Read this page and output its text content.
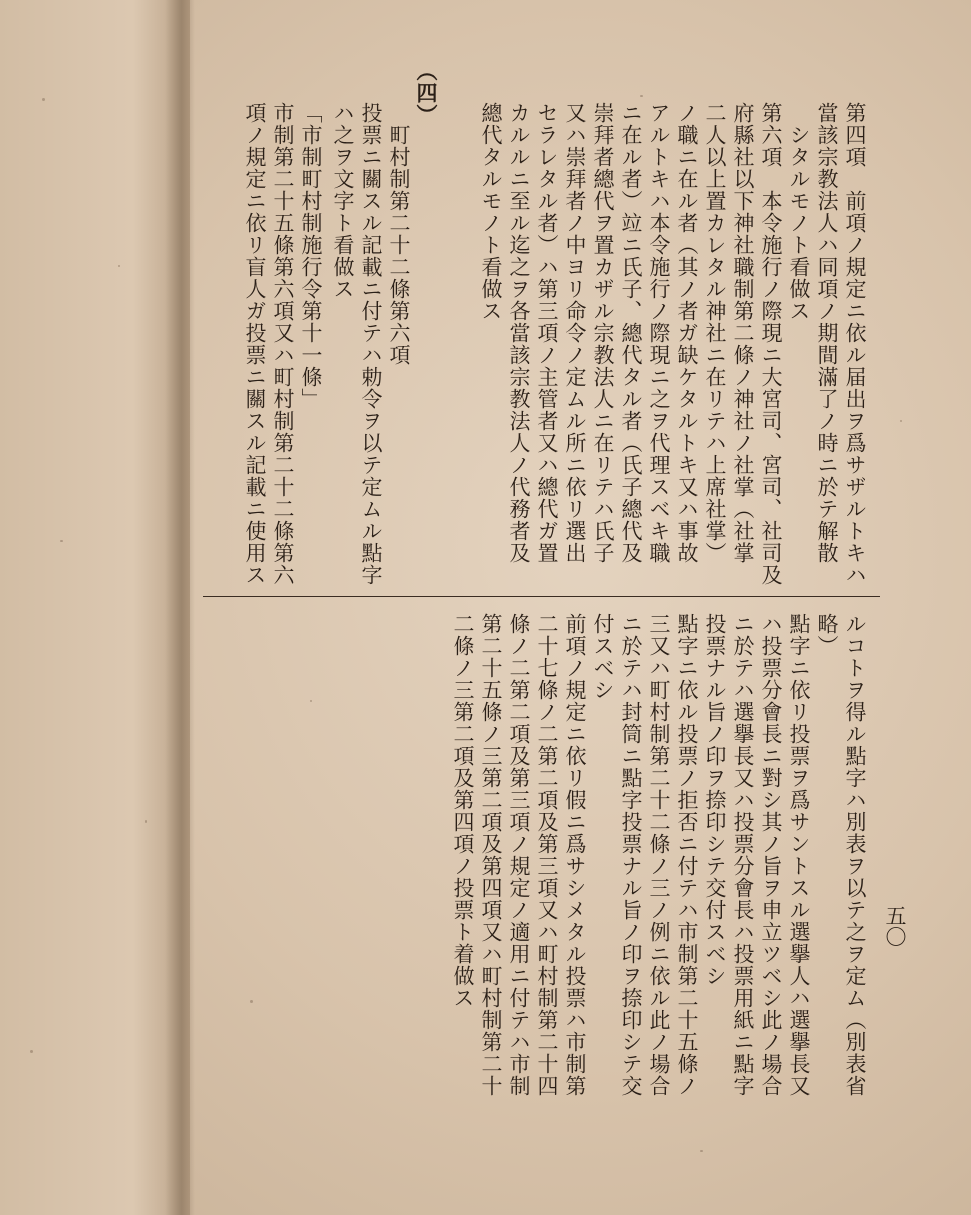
第四項　前項ノ規定ニ依ル届出ヲ爲サザルトキハ
當該宗教法人ハ同項ノ期間滿了ノ時ニ於テ解散
シタルモノト看做ス
第六項　本令施行ノ際現ニ大宮司、宮司、社司及
府縣社以下神社職制第二條ノ神社ノ社掌（社掌
二人以上置カレタル神社ニ在リテハ上席社掌）
ノ職ニ在ル者（其ノ者ガ缺ケタルトキ又ハ事故
アルトキハ本令施行ノ際現ニ之ヲ代理スベキ職
ニ在ル者）竝ニ氏子、總代タル者（氏子總代及
崇拜者總代ヲ置カザル宗教法人ニ在リテハ氏子
又ハ崇拜者ノ中ヨリ命令ノ定ムル所ニ依リ選出
セラレタル者）ハ第三項ノ主管者又ハ總代ガ置
カルルニ至ル迄之ヲ各當該宗教法人ノ代務者及
總代タルモノト看做ス
（四）
町村制第二十二條第六項
投票ニ關スル記載ニ付テハ勅令ヲ以テ定ムル點字
ハ之ヲ文字ト看做ス
「市制町村制施行令第十一條」
市制第二十五條第六項又ハ町村制第二十二條第六
項ノ規定ニ依リ盲人ガ投票ニ關スル記載ニ使用ス
ルコトヲ得ル點字ハ別表ヲ以テ之ヲ定ム（別表省
略）
點字ニ依リ投票ヲ爲サントスル選擧人ハ選擧長又
ハ投票分會長ニ對シ其ノ旨ヲ申立ツベシ此ノ場合
ニ於テハ選擧長又ハ投票分會長ハ投票用紙ニ點字
投票ナル旨ノ印ヲ捺印シテ交付スベシ
點字ニ依ル投票ノ拒否ニ付テハ市制第二十五條ノ
三又ハ町村制第二十二條ノ三ノ例ニ依ル此ノ場合
ニ於テハ封筒ニ點字投票ナル旨ノ印ヲ捺印シテ交
付スベシ
前項ノ規定ニ依リ假ニ爲サシメタル投票ハ市制第
二十七條ノ二第二項及第三項又ハ町村制第二十四
條ノ二第二項及第三項ノ規定ノ適用ニ付テハ市制
第二十五條ノ三第二項及第四項又ハ町村制第二十
二條ノ三第二項及第四項ノ投票ト着做ス	五〇
